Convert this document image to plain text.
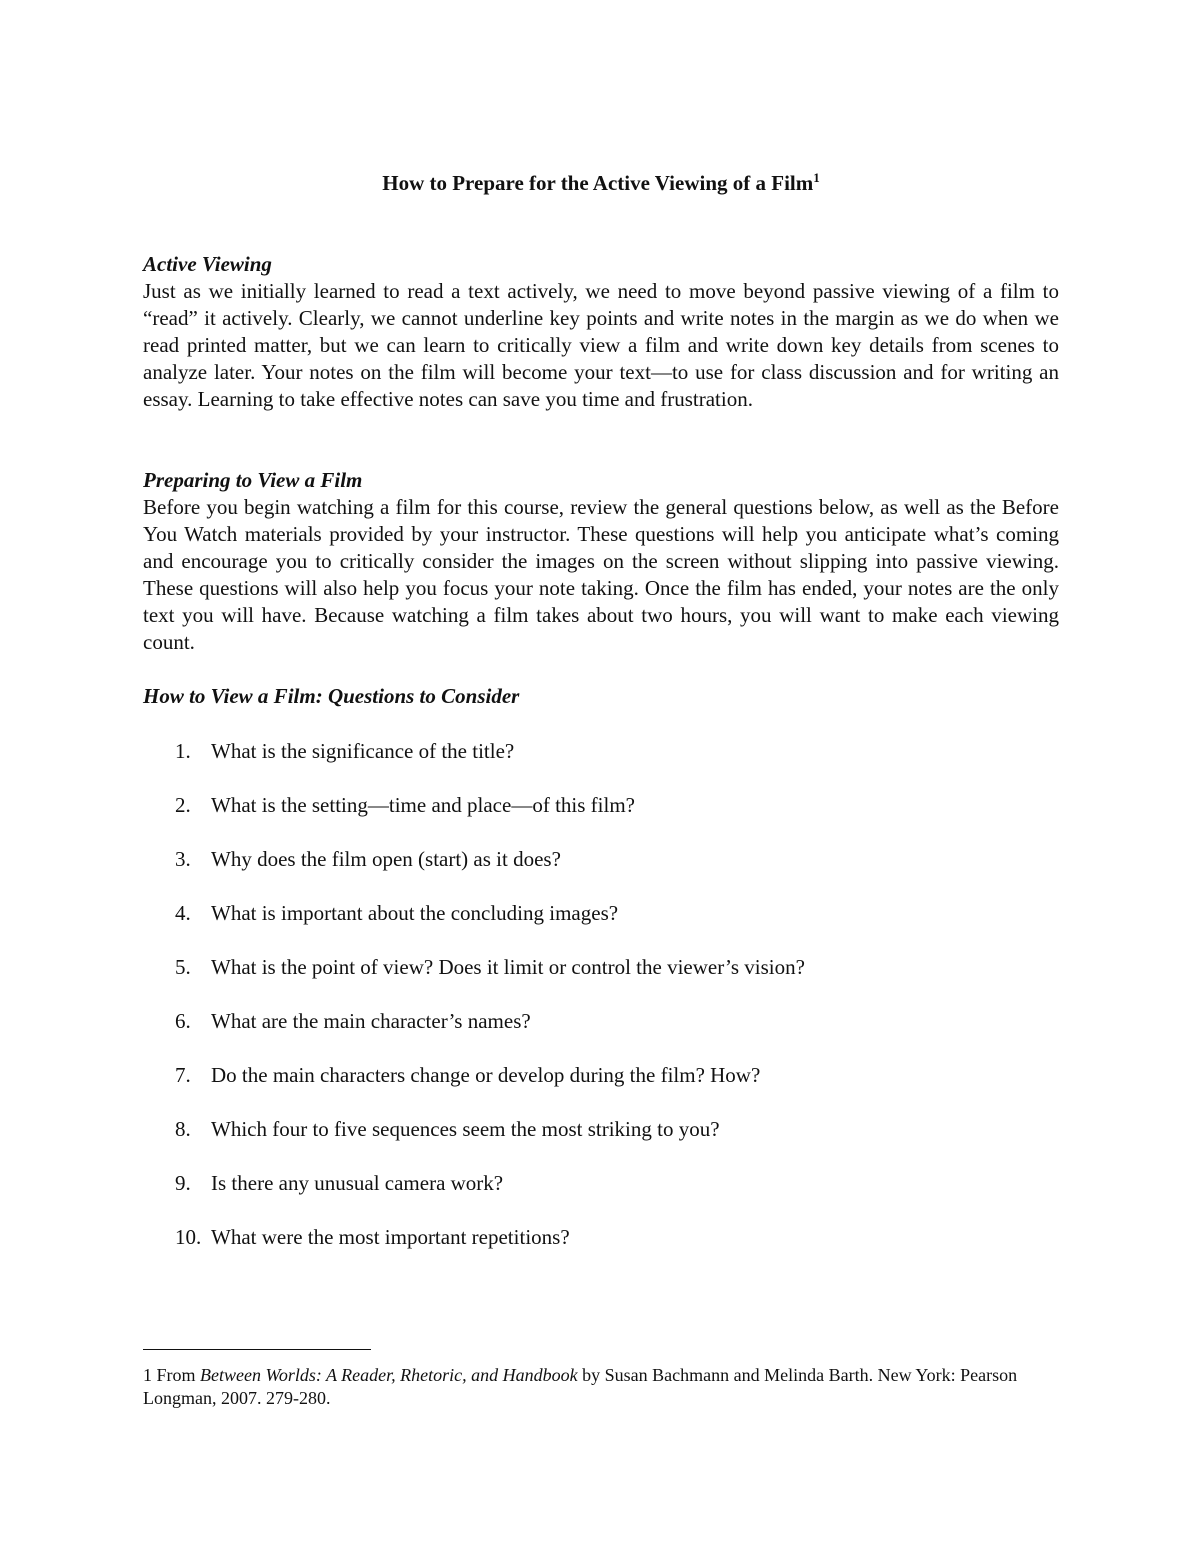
How to Prepare for the Active Viewing of a Film$^1$

Active Viewing

Just as we initially learned to read a text actively, we need to move beyond passive viewing of a film to “read” it actively. Clearly, we cannot underline key points and write notes in the margin as we do when we read printed matter, but we can learn to critically view a film and write down key details from scenes to analyze later. Your notes on the film will become your text—to use for class discussion and for writing an essay. Learning to take effective notes can save you time and frustration.

Preparing to View a Film

Before you begin watching a film for this course, review the general questions below, as well as the Before You Watch materials provided by your instructor. These questions will help you anticipate what’s coming and encourage you to critically consider the images on the screen without slipping into passive viewing. These questions will also help you focus your note taking. Once the film has ended, your notes are the only text you will have. Because watching a film takes about two hours, you will want to make each viewing count.

How to View a Film: Questions to Consider

1. What is the significance of the title?
2. What is the setting—time and place—of this film?
3. Why does the film open (start) as it does?
4. What is important about the concluding images?
5. What is the point of view? Does it limit or control the viewer’s vision?
6. What are the main character’s names?
7. Do the main characters change or develop during the film? How?
8. Which four to five sequences seem the most striking to you?
9. Is there any unusual camera work?
10. What were the most important repetitions?
1 From Between Worlds: A Reader, Rhetoric, and Handbook by Susan Bachmann and Melinda Barth. New York: Pearson Longman, 2007. 279-280.
